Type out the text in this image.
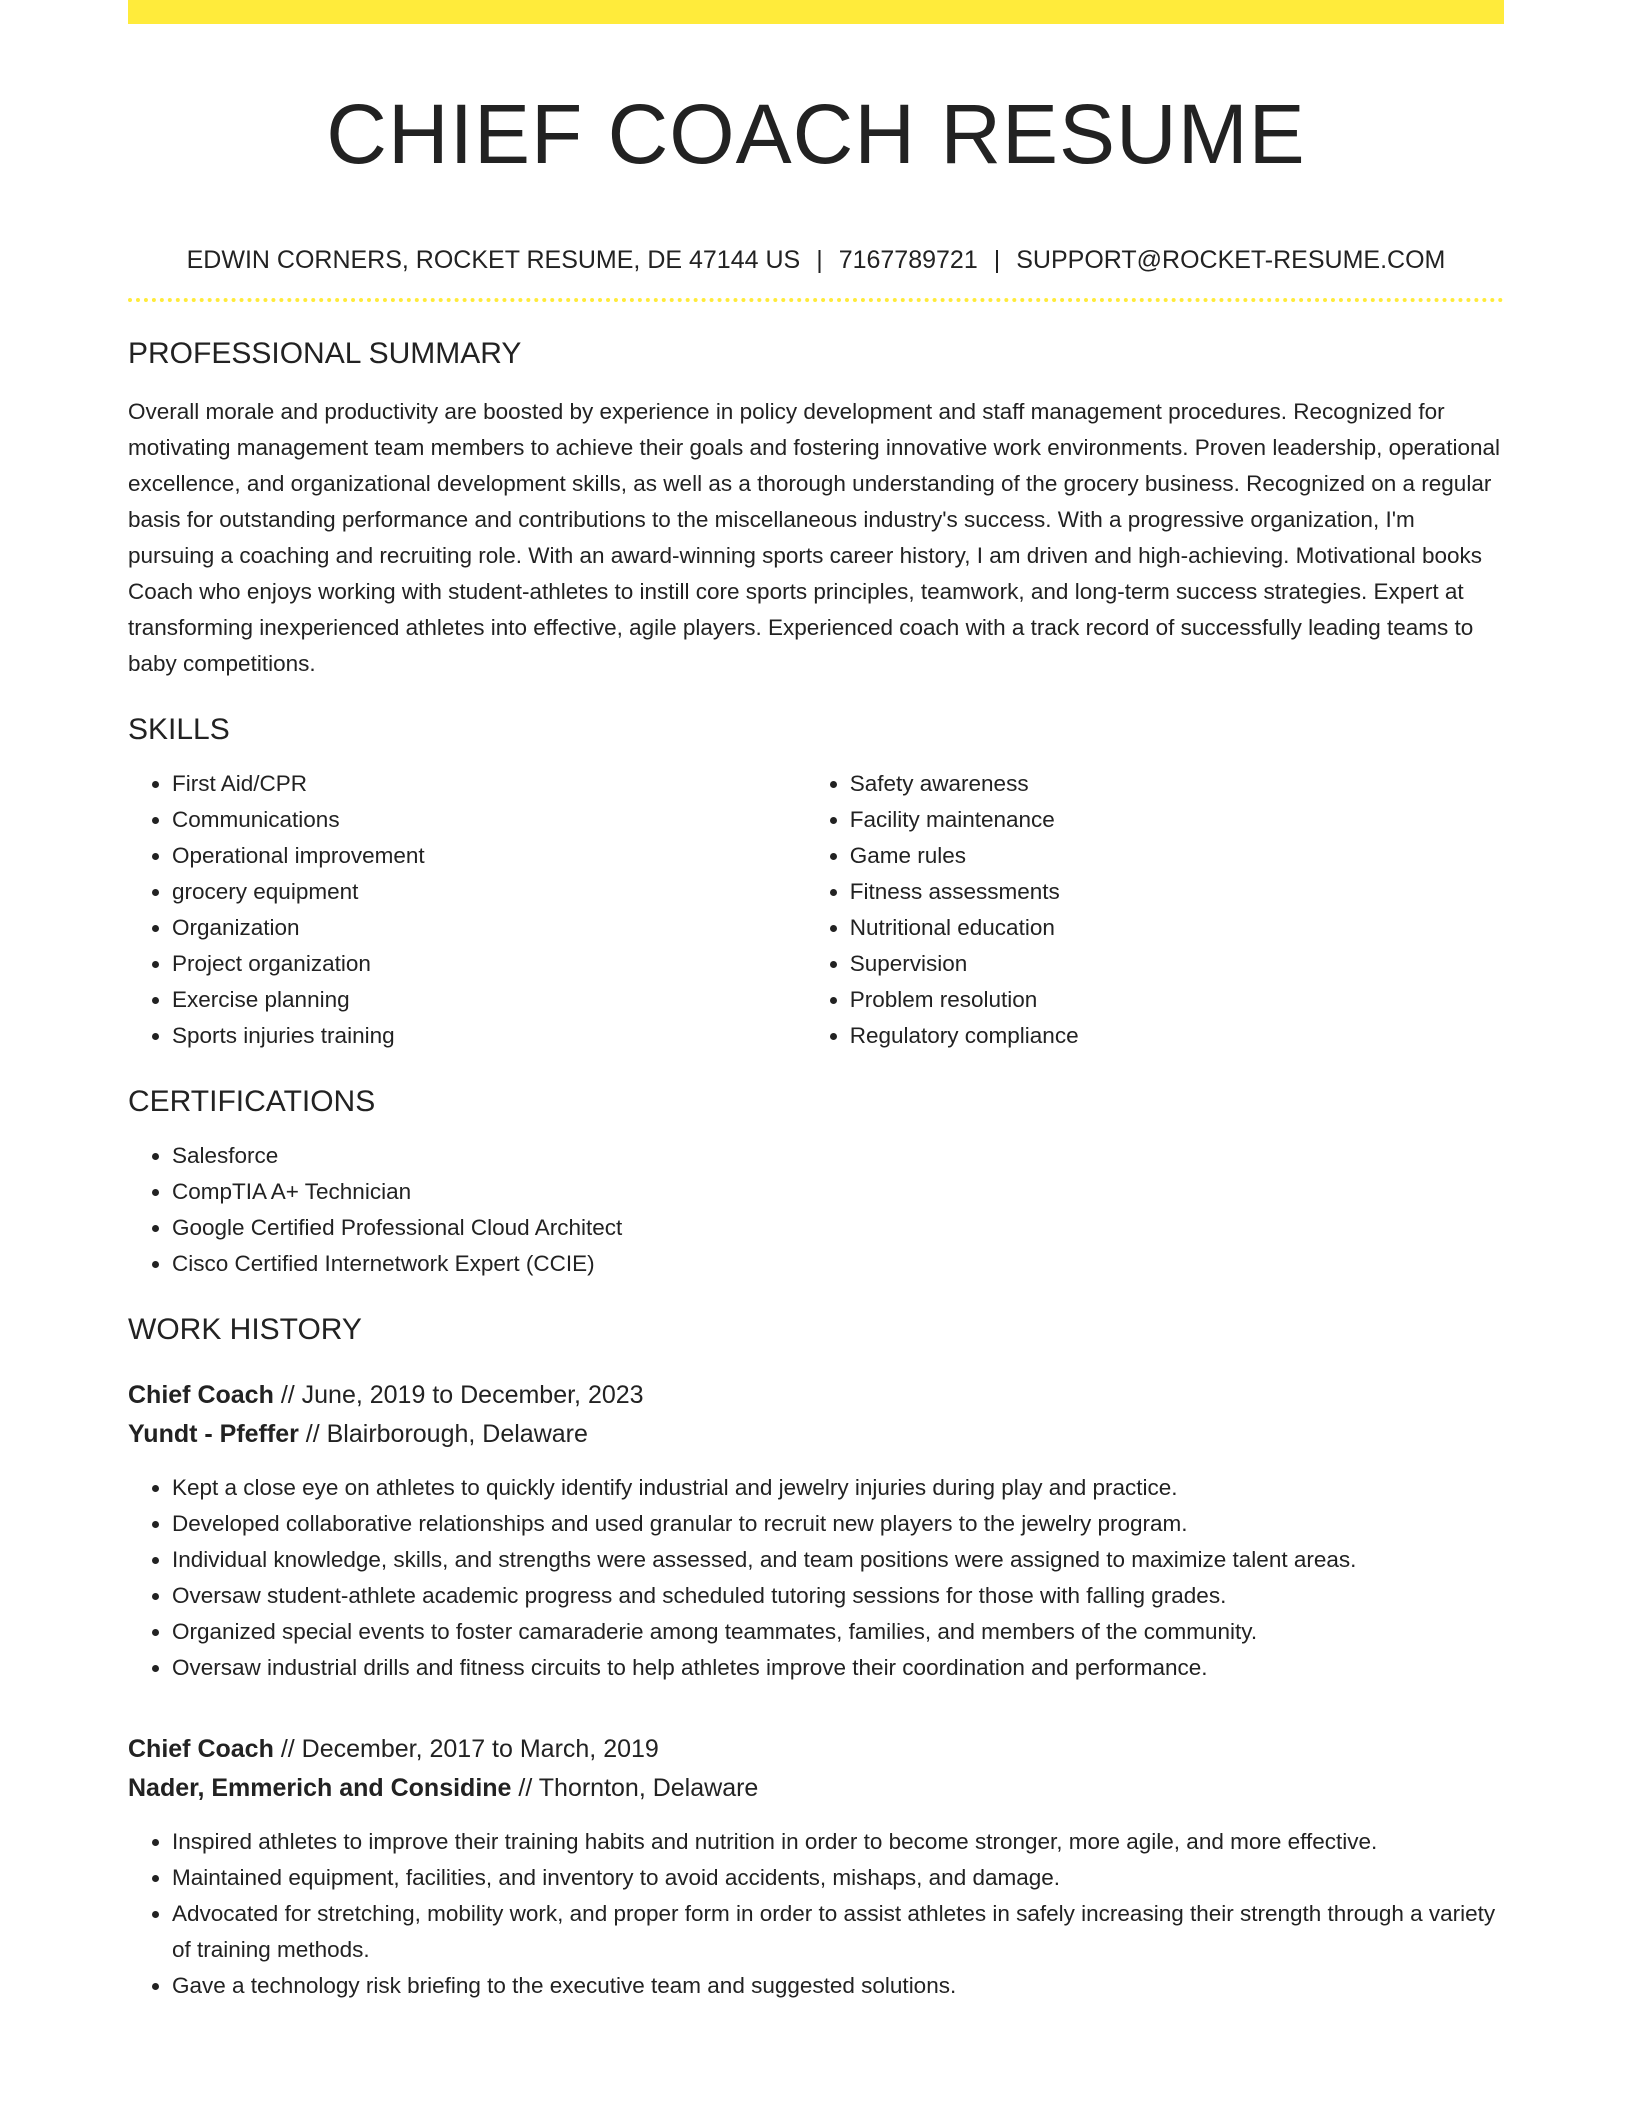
CHIEF COACH RESUME
EDWIN CORNERS, ROCKET RESUME, DE 47144 US | 7167789721 | SUPPORT@ROCKET-RESUME.COM
PROFESSIONAL SUMMARY

Overall morale and productivity are boosted by experience in policy development and staff management procedures. Recognized for motivating management team members to achieve their goals and fostering innovative work environments. Proven leadership, operational excellence, and organizational development skills, as well as a thorough understanding of the grocery business. Recognized on a regular basis for outstanding performance and contributions to the miscellaneous industry's success. With a progressive organization, I'm pursuing a coaching and recruiting role. With an award-winning sports career history, I am driven and high-achieving. Motivational books Coach who enjoys working with student-athletes to instill core sports principles, teamwork, and long-term success strategies. Expert at transforming inexperienced athletes into effective, agile players. Experienced coach with a track record of successfully leading teams to baby competitions.

SKILLS
• First Aid/CPR
• Communications
• Operational improvement
• grocery equipment
• Organization
• Project organization
• Exercise planning
• Sports injuries training
• Safety awareness
• Facility maintenance
• Game rules
• Fitness assessments
• Nutritional education
• Supervision
• Problem resolution
• Regulatory compliance
CERTIFICATIONS
• Salesforce
• CompTIA A+ Technician
• Google Certified Professional Cloud Architect
• Cisco Certified Internetwork Expert (CCIE)
WORK HISTORY
Chief Coach // June, 2019 to December, 2023
Yundt - Pfeffer // Blairborough, Delaware
• Kept a close eye on athletes to quickly identify industrial and jewelry injuries during play and practice.
• Developed collaborative relationships and used granular to recruit new players to the jewelry program.
• Individual knowledge, skills, and strengths were assessed, and team positions were assigned to maximize talent areas.
• Oversaw student-athlete academic progress and scheduled tutoring sessions for those with falling grades.
• Organized special events to foster camaraderie among teammates, families, and members of the community.
• Oversaw industrial drills and fitness circuits to help athletes improve their coordination and performance.
Chief Coach // December, 2017 to March, 2019
Nader, Emmerich and Considine // Thornton, Delaware
• Inspired athletes to improve their training habits and nutrition in order to become stronger, more agile, and more effective.
• Maintained equipment, facilities, and inventory to avoid accidents, mishaps, and damage.
• Advocated for stretching, mobility work, and proper form in order to assist athletes in safely increasing their strength through a variety of training methods.
• Gave a technology risk briefing to the executive team and suggested solutions.
